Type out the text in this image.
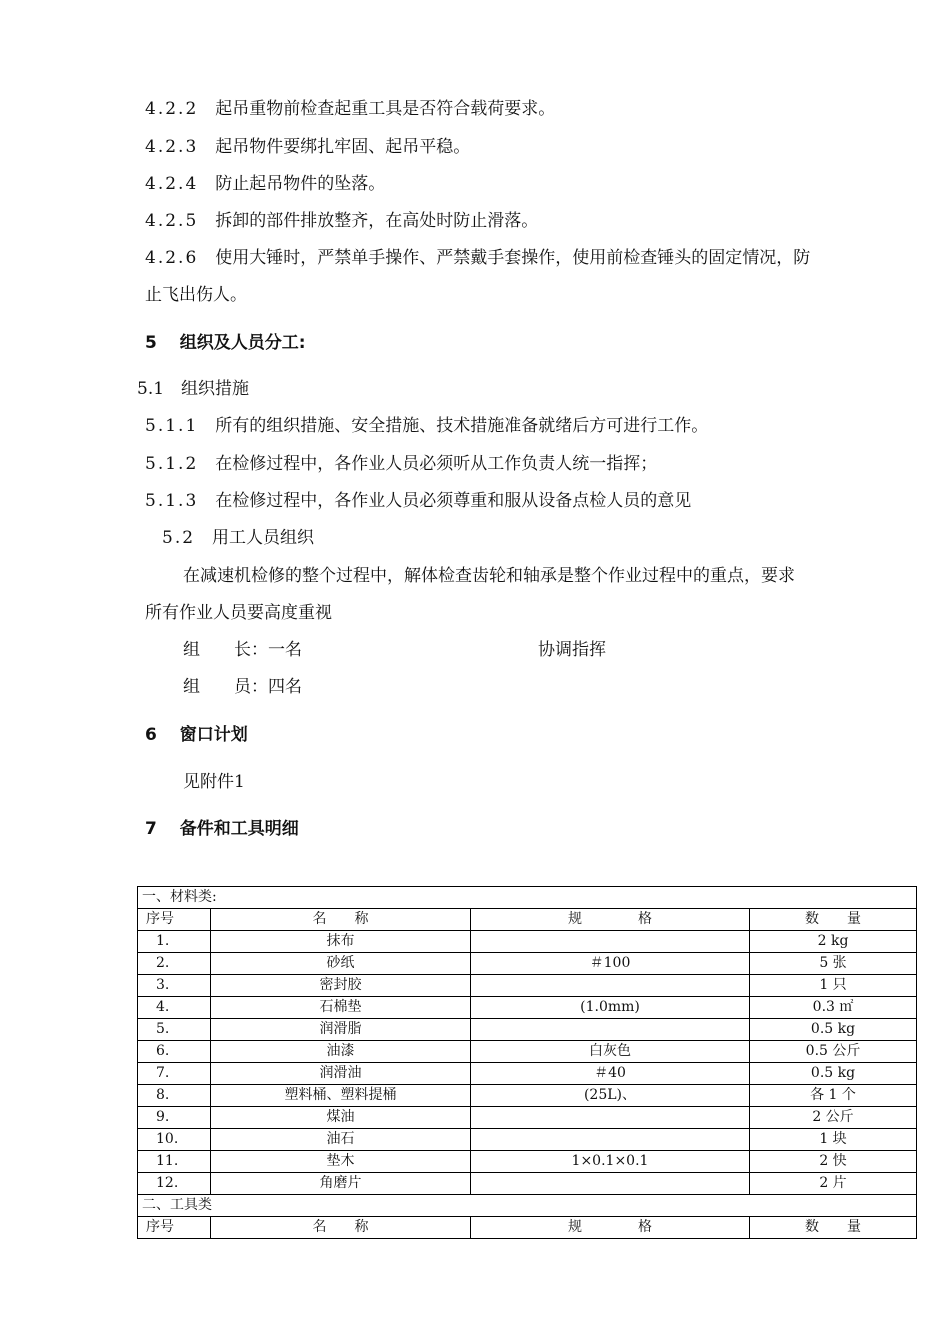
4.2.2　 起吊重物前检查起重工具是否符合载荷要求。
4.2.3　 起吊物件要绑扎牢固、起吊平稳。
4.2.4　 防止起吊物件的坠落。
4.2.5　 拆卸的部件排放整齐，在高处时防止滑落。
4.2.6　 使用大锤时，严禁单手操作、严禁戴手套操作，使用前检查锤头的固定情况，防
止飞出伤人。
5　 组织及人员分工:
5.1　 组织措施
5.1.1　 所有的组织措施、安全措施、技术措施准备就绪后方可进行工作。
5.1.2　 在检修过程中，各作业人员必须听从工作负责人统一指挥；
5.1.3　 在检修过程中，各作业人员必须尊重和服从设备点检人员的意见
5.2　 用工人员组织
在减速机检修的整个过程中，解体检查齿轮和轴承是整个作业过程中的重点，要求
所有作业人员要高度重视
组　　长：一名	协调指挥
组　　员：四名
6　 窗口计划
见附件1
7　 备件和工具明细
一、材料类:			
序号	名　　称	规　　　　格	数　　量
1.	抹布		2 kg
2.	砂纸	＃100	5 张
3.	密封胶		1 只
4.	石棉垫	(1.0mm)	0.3 ㎡
5.	润滑脂		0.5 kg
6.	油漆	白灰色	0.5 公斤
7.	润滑油	＃40	0.5 kg
8.	塑料桶、塑料提桶	(25L)、	各 1 个
9.	煤油		2 公斤
10.	油石		1 块
11.	垫木	1×0.1×0.1	2 快
12.	角磨片		2 片
二、工具类			
序号	名　　称	规　　　　格	数　　量
